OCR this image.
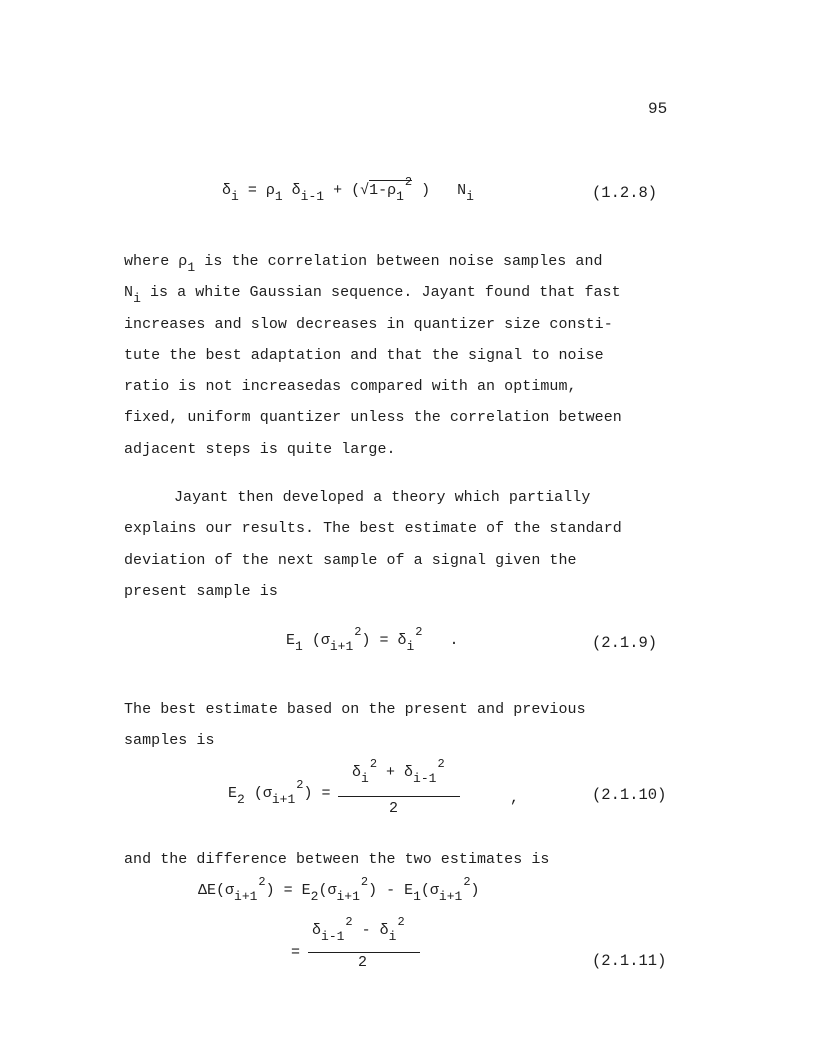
95
δi = ρ1 $\delta i-1 + (√1-\rho 1^2$ )   Ni	(1.2.8)
where ρ1 is the correlation between noise samples and
Ni is a white Gaussian sequence. Jayant found that fast
increases and slow decreases in quantizer size consti-
tute the best adaptation and that the signal to noise
ratio is not increasedas compared with an optimum,
fixed, uniform quantizer unless the correlation between
adjacent steps is quite large.
Jayant then developed a theory which partially
explains our results. The best estimate of the standard
deviation of the next sample of a signal given the
present sample is
E1 $(\sigma i+1^2) = \delta i^2$   .	(2.1.9)
The best estimate based on the present and previous
samples is
E2 $(\sigma i+1^2)$ =
$\delta i^2 + \delta i-1^2$
2
,	(2.1.10)
and the difference between the two estimates is
$\Delta E(\sigma i+1^2) = E2(\sigma i+1^2) - E1(\sigma i+1^2)$
=
$\delta i-1^2 - \delta i^2$
2	(2.1.11)
